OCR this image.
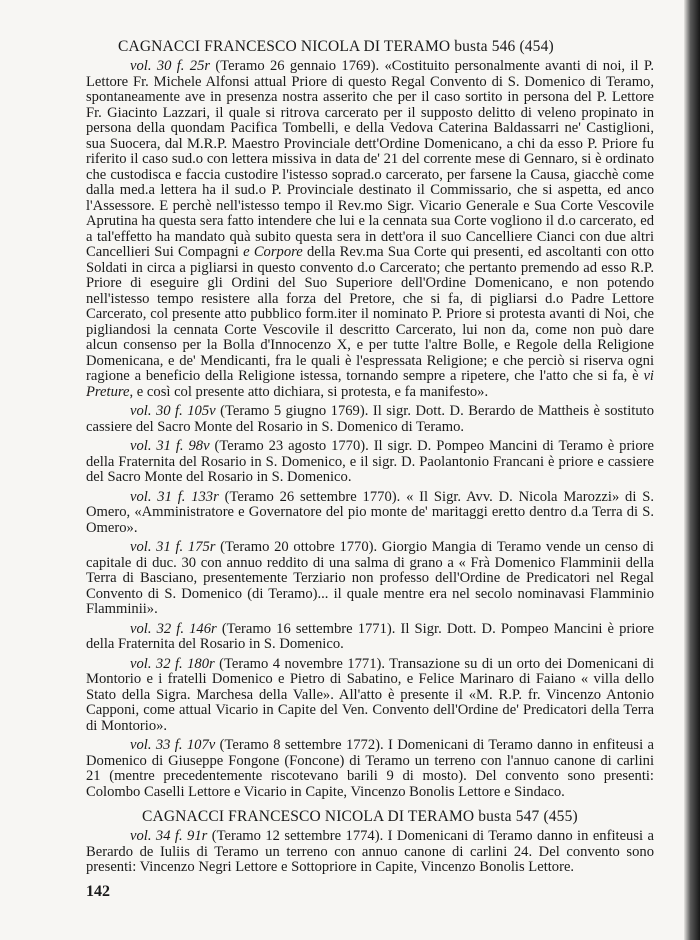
CAGNACCI FRANCESCO NICOLA DI TERAMO busta 546 (454)

vol. 30 f. 25r (Teramo 26 gennaio 1769). «Costituito personalmente avanti di noi, il P. Lettore Fr. Michele Alfonsi attual Priore di questo Regal Convento di S. Domenico di Teramo, spontaneamente ave in presenza nostra asserito che per il caso sortito in persona del P. Lettore Fr. Giacinto Lazzari, il quale si ritrova carcerato per il supposto delitto di veleno propinato in persona della quondam Pacifica Tombelli, e della Vedova Caterina Baldassarri ne' Castiglioni, sua Suocera, dal M.R.P. Maestro Provinciale dett'Ordine Domenicano, a chi da esso P. Priore fu riferito il caso sud.o con lettera missiva in data de' 21 del corrente mese di Gennaro, si è ordinato che custodisca e faccia custodire l'istesso soprad.o carcerato, per farsene la Causa, giacchè come dalla med.a lettera ha il sud.o P. Provinciale destinato il Commissario, che si aspetta, ed anco l'Assessore. E perchè nell'istesso tempo il Rev.mo Sigr. Vicario Generale e Sua Corte Vescovile Aprutina ha questa sera fatto intendere che lui e la cennata sua Corte vogliono il d.o carcerato, ed a tal'effetto ha mandato quà subito questa sera in dett'ora il suo Cancelliere Cianci con due altri Cancellieri Sui Compagni e Corpore della Rev.ma Sua Corte qui presenti, ed ascoltanti con otto Soldati in circa a pigliarsi in questo convento d.o Carcerato; che pertanto premendo ad esso R.P. Priore di eseguire gli Ordini del Suo Superiore dell'Ordine Domenicano, e non potendo nell'istesso tempo resistere alla forza del Pretore, che si fa, di pigliarsi d.o Padre Lettore Carcerato, col presente atto pubblico form.iter il nominato P. Priore si protesta avanti di Noi, che pigliandosi la cennata Corte Vescovile il descritto Carcerato, lui non da, come non può dare alcun consenso per la Bolla d'Innocenzo X, e per tutte l'altre Bolle, e Regole della Religione Domenicana, e de' Mendicanti, fra le quali è l'espressata Religione; e che perciò si riserva ogni ragione a beneficio della Religione istessa, tornando sempre a ripetere, che l'atto che si fa, è vi Preture, e così col presente atto dichiara, si protesta, e fa manifesto».

vol. 30 f. 105v (Teramo 5 giugno 1769). Il sigr. Dott. D. Berardo de Mattheis è sostituto cassiere del Sacro Monte del Rosario in S. Domenico di Teramo.

vol. 31 f. 98v (Teramo 23 agosto 1770). Il sigr. D. Pompeo Mancini di Teramo è priore della Fraternita del Rosario in S. Domenico, e il sigr. D. Paolantonio Francani è priore e cassiere del Sacro Monte del Rosario in S. Domenico.

vol. 31 f. 133r (Teramo 26 settembre 1770). « Il Sigr. Avv. D. Nicola Marozzi» di S. Omero, «Amministratore e Governatore del pio monte de' maritaggi eretto dentro d.a Terra di S. Omero».

vol. 31 f. 175r (Teramo 20 ottobre 1770). Giorgio Mangia di Teramo vende un censo di capitale di duc. 30 con annuo reddito di una salma di grano a « Frà Domenico Flamminii della Terra di Basciano, presentemente Terziario non professo dell'Ordine de Predicatori nel Regal Convento di S. Domenico (di Teramo)... il quale mentre era nel secolo nominavasi Flamminio Flamminii».

vol. 32 f. 146r (Teramo 16 settembre 1771). Il Sigr. Dott. D. Pompeo Mancini è priore della Fraternita del Rosario in S. Domenico.

vol. 32 f. 180r (Teramo 4 novembre 1771). Transazione su di un orto dei Domenicani di Montorio e i fratelli Domenico e Pietro di Sabatino, e Felice Marinaro di Faiano « villa dello Stato della Sigra. Marchesa della Valle». All'atto è presente il «M. R.P. fr. Vincenzo Antonio Capponi, come attual Vicario in Capite del Ven. Convento dell'Ordine de' Predicatori della Terra di Montorio».

vol. 33 f. 107v (Teramo 8 settembre 1772). I Domenicani di Teramo danno in enfiteusi a Domenico di Giuseppe Fongone (Foncone) di Teramo un terreno con l'annuo canone di carlini 21 (mentre precedentemente riscotevano barili 9 di mosto). Del convento sono presenti: Colombo Caselli Lettore e Vicario in Capite, Vincenzo Bonolis Lettore e Sindaco.

CAGNACCI FRANCESCO NICOLA DI TERAMO busta 547 (455)

vol. 34 f. 91r (Teramo 12 settembre 1774). I Domenicani di Teramo danno in enfiteusi a Berardo de Iuliis di Teramo un terreno con annuo canone di carlini 24. Del convento sono presenti: Vincenzo Negri Lettore e Sottopriore in Capite, Vincenzo Bonolis Lettore.

142
